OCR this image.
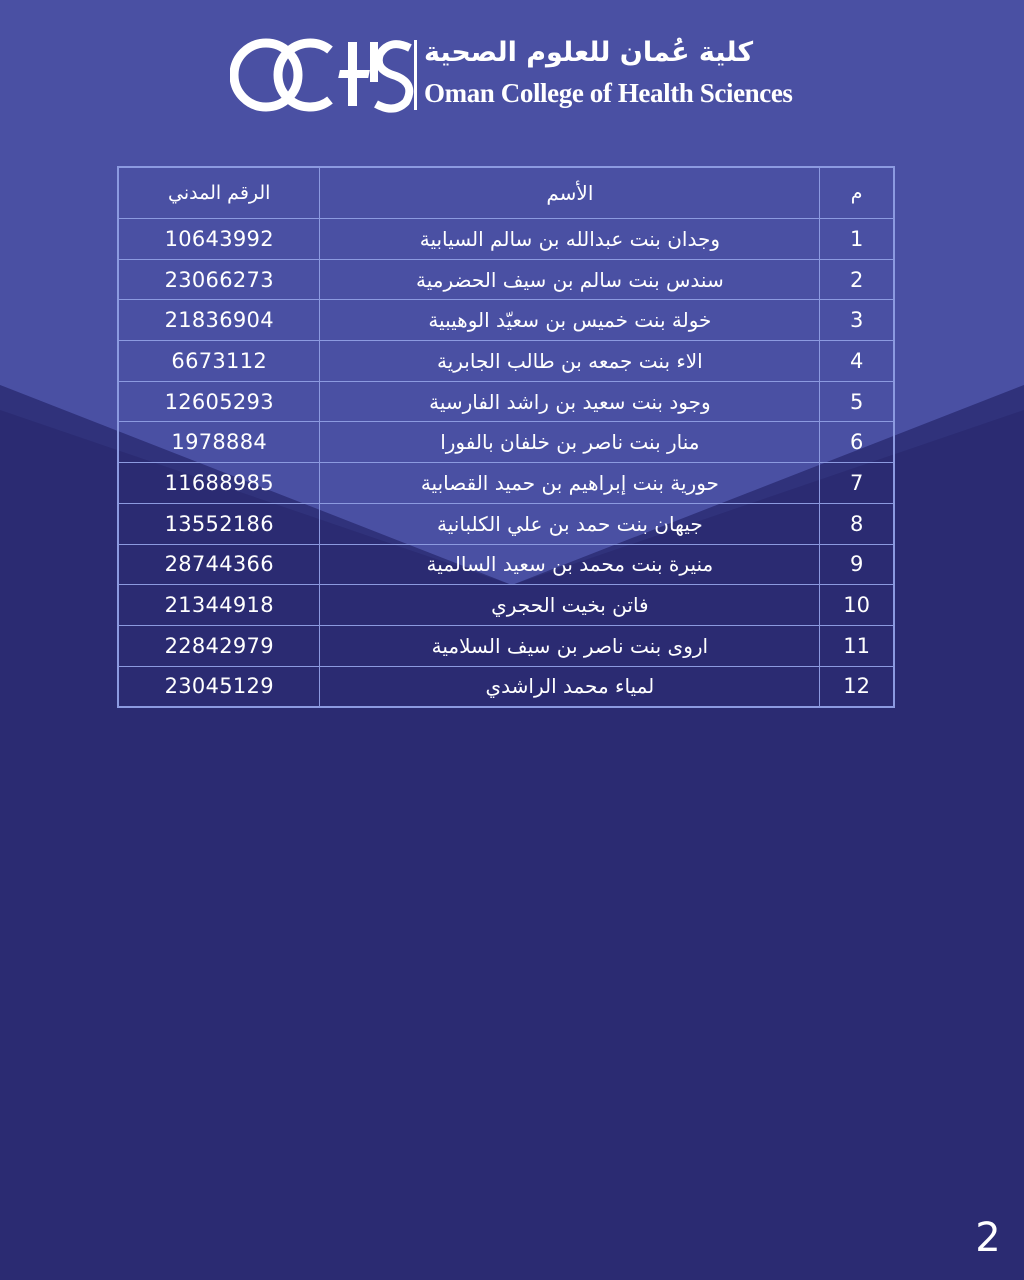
كلية عُمان للعلوم الصحية
Oman College of Health Sciences
م	الأسم	الرقم المدني
1	وجدان بنت عبدالله بن سالم السيابية	10643992
2	سندس بنت سالم بن سيف الحضرمية	23066273
3	خولة بنت خميس بن سعيّد الوهيبية	21836904
4	الاء بنت جمعه بن طالب الجابرية	6673112
5	وجود بنت سعيد بن راشد الفارسية	12605293
6	منار بنت ناصر بن خلفان بالفورا	1978884
7	حورية بنت إبراهيم بن حميد القصابية	11688985
8	جيهان بنت حمد بن علي الكلبانية	13552186
9	منيرة بنت محمد بن سعيد السالمية	28744366
10	فاتن بخيت الحجري	21344918
11	اروى بنت ناصر بن سيف السلامية	22842979
12	لمياء محمد الراشدي	23045129
2
